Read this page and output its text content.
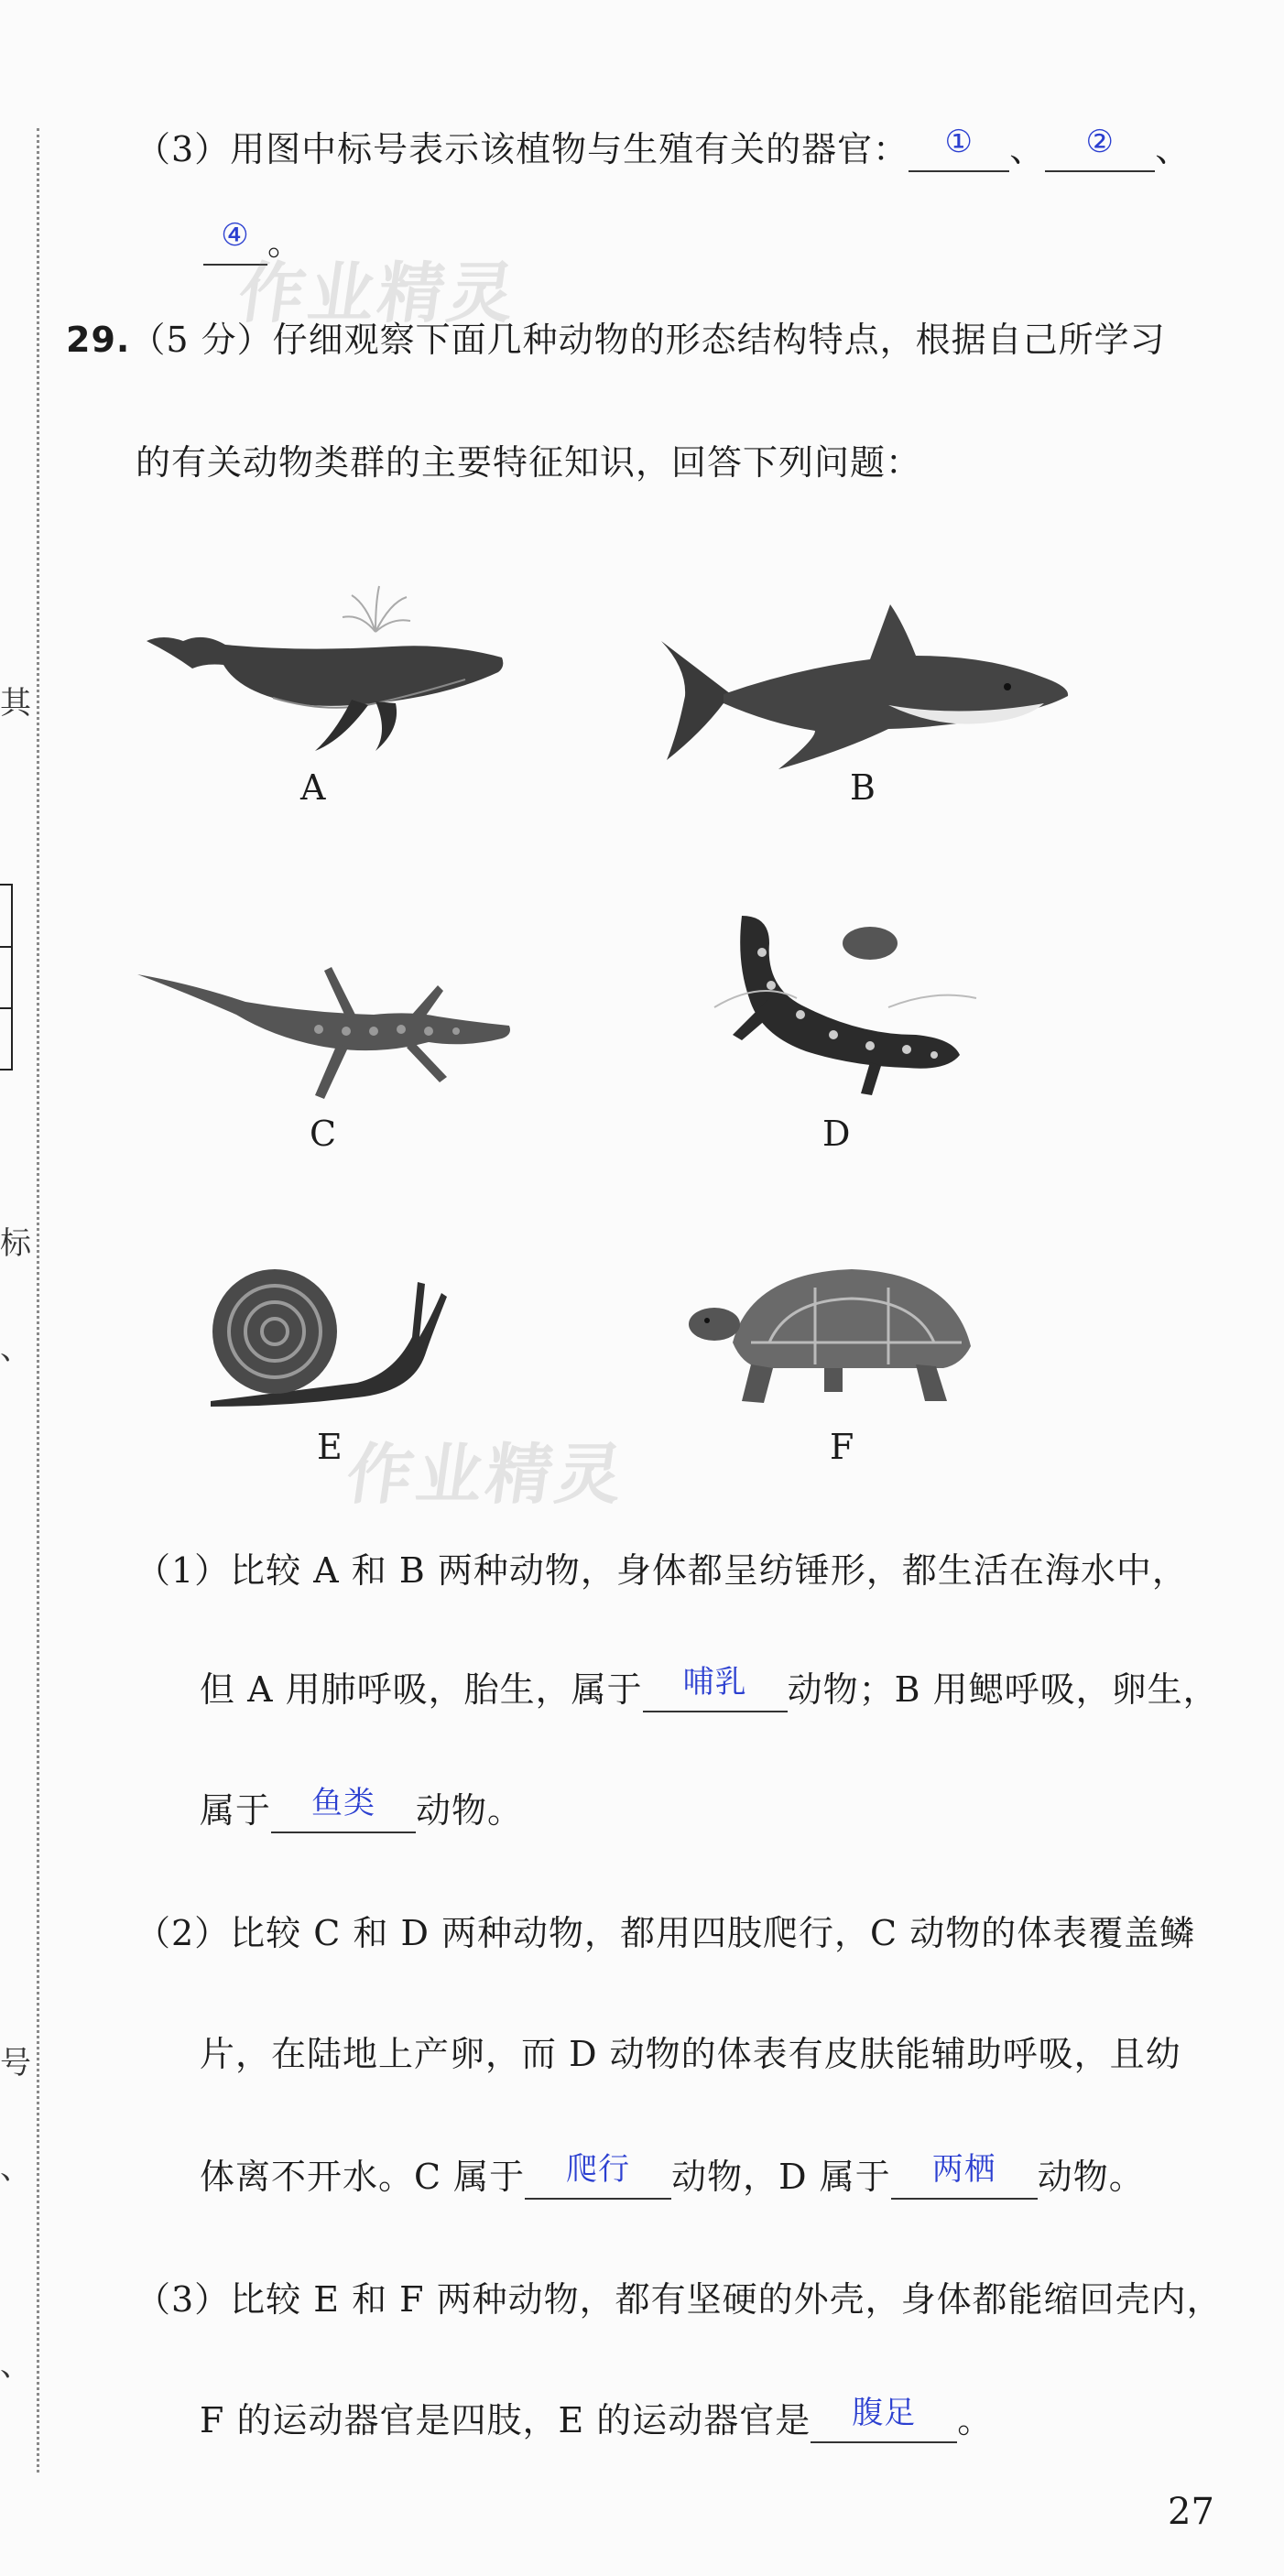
其
标
、
号
、
、
（3）用图中标号表示该植物与生殖有关的器官：	①	、	②	、
④ 。
作业精灵
29.（5 分）仔细观察下面几种动物的形态结构特点，根据自己所学习
的有关动物类群的主要特征知识，回答下列问题：
A	B
C	D
E 作业精灵	F
（1）比较 A 和 B 两种动物，身体都呈纺锤形，都生活在海水中，
但 A 用肺呼吸，胎生，属于	哺乳	动物；B 用鳃呼吸，卵生，
属于	鱼类	动物。
（2）比较 C 和 D 两种动物，都用四肢爬行，C 动物的体表覆盖鳞
片，在陆地上产卵，而 D 动物的体表有皮肤能辅助呼吸，且幼
体离不开水。C 属于	爬行	动物，D 属于	两栖	动物。
（3）比较 E 和 F 两种动物，都有坚硬的外壳，身体都能缩回壳内，
F 的运动器官是四肢，E 的运动器官是	腹足	。
27
